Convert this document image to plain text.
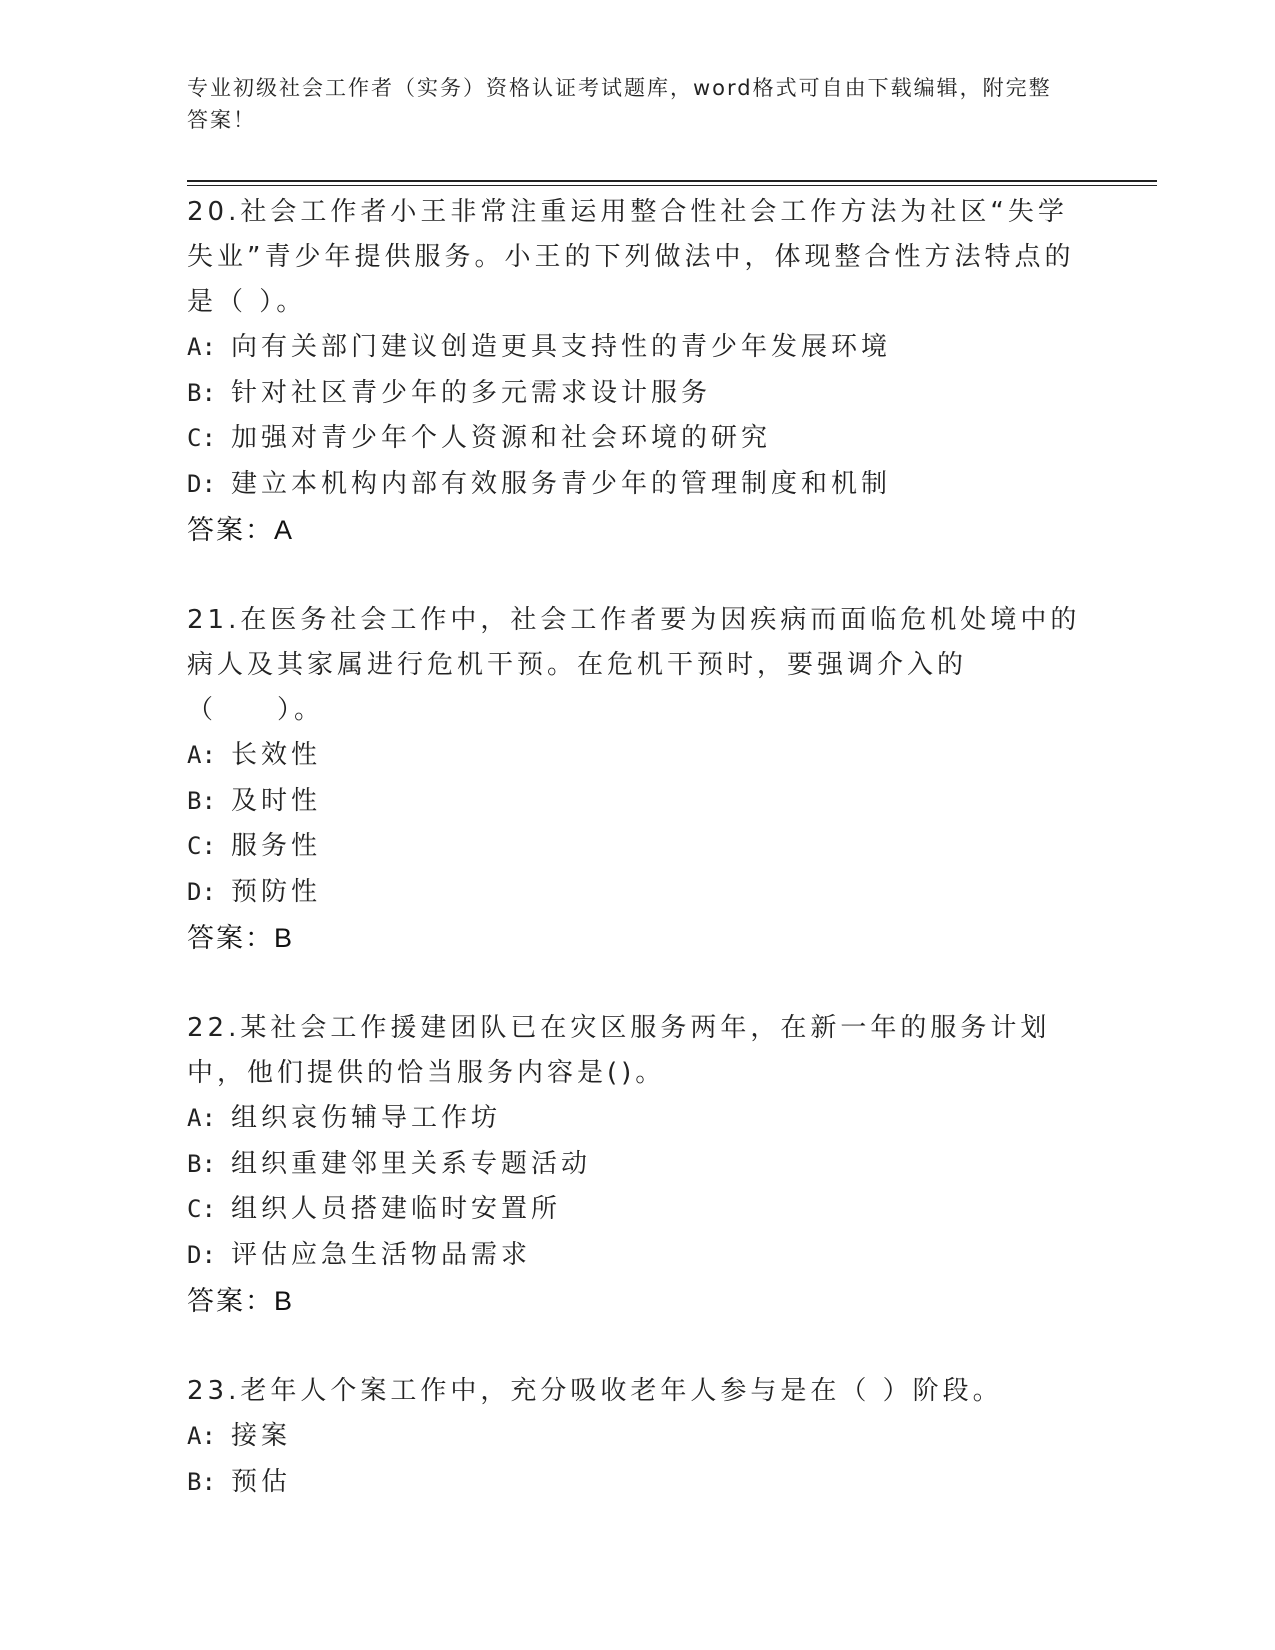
专业初级社会工作者（实务）资格认证考试题库，word格式可自由下载编辑，附完整答案！

20.社会工作者小王非常注重运用整合性社会工作方法为社区“失学失业”青少年提供服务。小王的下列做法中，体现整合性方法特点的是（ ）。

A: 向有关部门建议创造更具支持性的青少年发展环境
B: 针对社区青少年的多元需求设计服务
C: 加强对青少年个人资源和社会环境的研究
D: 建立本机构内部有效服务青少年的管理制度和机制
答案：A

21.在医务社会工作中，社会工作者要为因疾病而面临危机处境中的病人及其家属进行危机干预。在危机干预时，要强调介入的（　　）。

A: 长效性
B: 及时性
C: 服务性
D: 预防性
答案：B

22.某社会工作援建团队已在灾区服务两年，在新一年的服务计划中，他们提供的恰当服务内容是()。

A: 组织哀伤辅导工作坊
B: 组织重建邻里关系专题活动
C: 组织人员搭建临时安置所
D: 评估应急生活物品需求
答案：B

23.老年人个案工作中，充分吸收老年人参与是在（ ）阶段。

A: 接案
B: 预估
